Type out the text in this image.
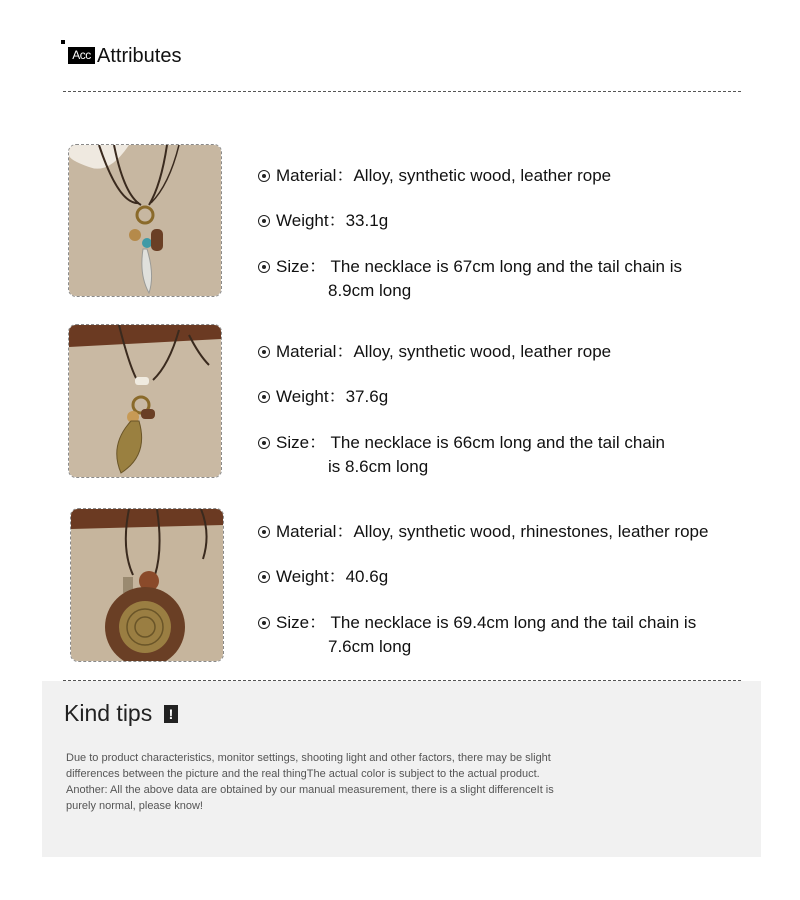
Acc Attributes
Material：Alloy, synthetic wood, leather rope
Weight：33.1g
Size： The necklace is 67cm long and the tail chain is
8.9cm long
Material：Alloy, synthetic wood, leather rope
Weight：37.6g
Size： The necklace is 66cm long and the tail chain
is 8.6cm long
Material：Alloy, synthetic wood, rhinestones, leather rope
Weight：40.6g
Size： The necklace is 69.4cm long and the tail chain is
7.6cm long
Kind tips	!
Due to product characteristics, monitor settings, shooting light and other factors, there may be slight
differences between the picture and the real thingThe actual color is subject to the actual product.
Another: All the above data are obtained by our manual measurement, there is a slight differenceIt is
purely normal, please know!
